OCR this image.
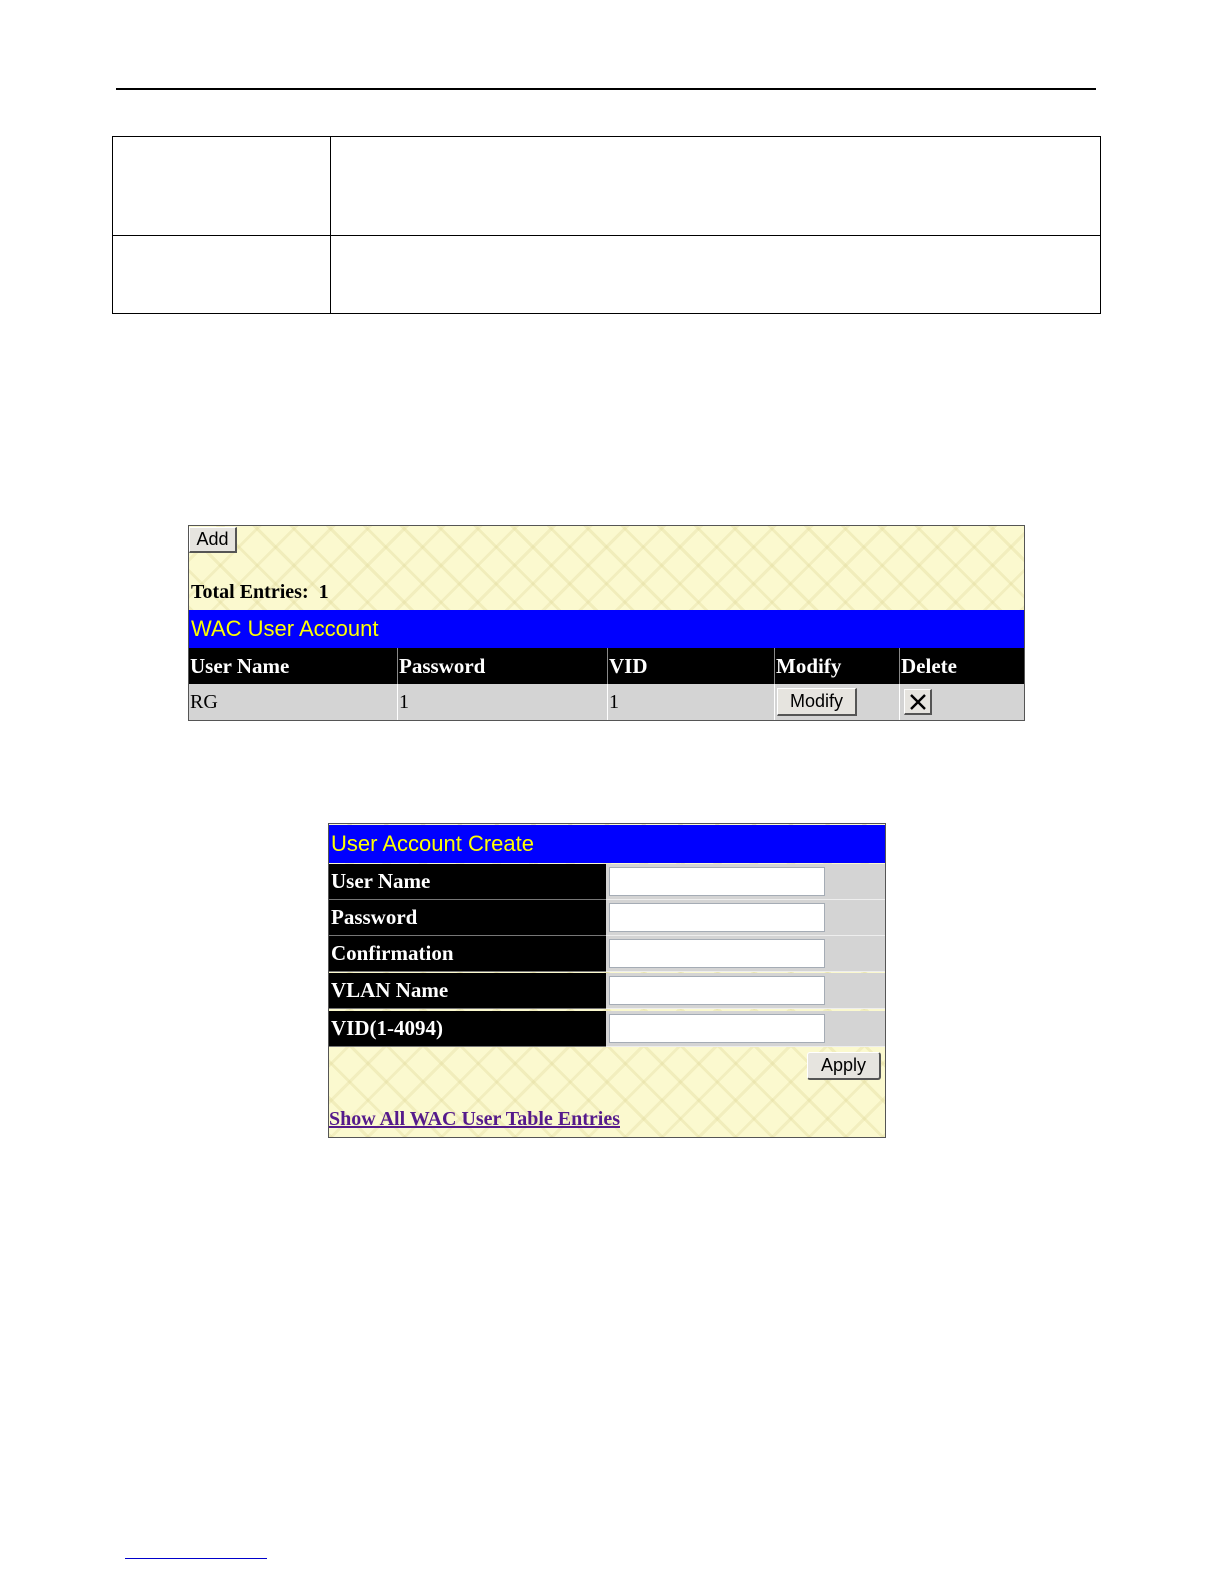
Add
Total Entries: 1
WAC User Account
User Name	Password	VID	Modify	Delete
RG	1	1	Modify
User Account Create
User Name
Password
Confirmation
VLAN Name
VID(1-4094)
Apply
Show All WAC User Table Entries
